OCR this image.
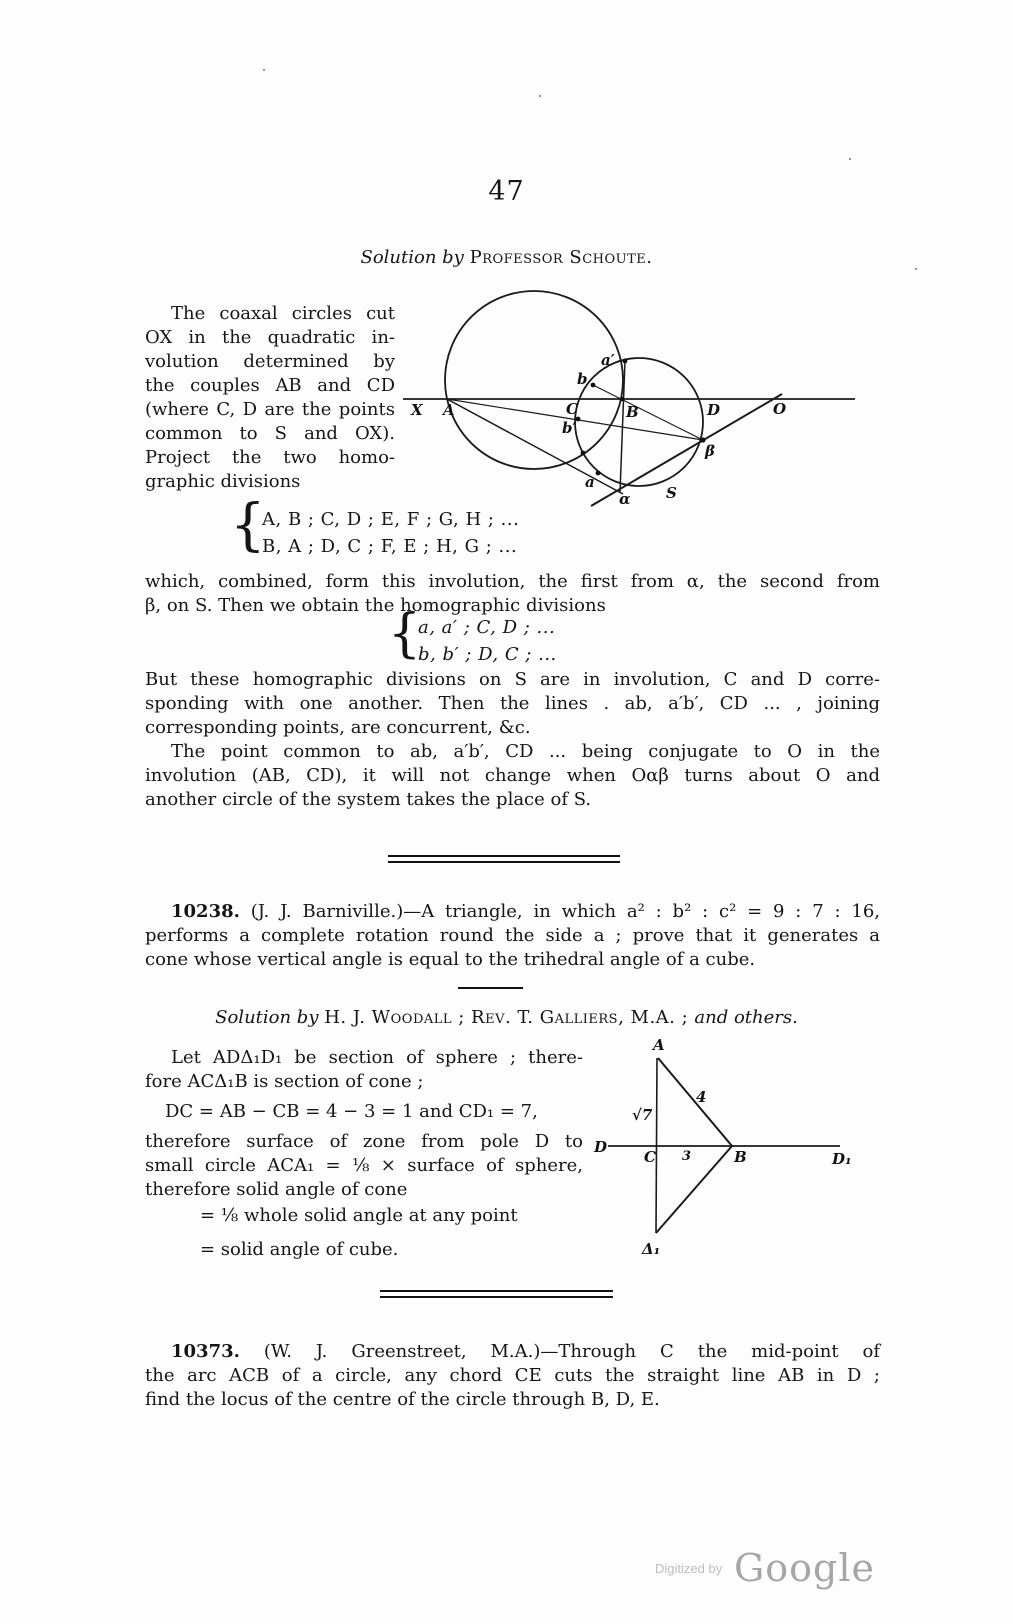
47
Solution by Professor Schoute.
The coaxal circles cut
OX in the quadratic in-
volution determined by
the couples AB and CD
(where C, D are the points
common to S and OX).
Project the two homo-
graphic divisions
X A	C	B	D	O
a′
b
b′
a
α
β
S
{
A, B ; C, D ; E, F ; G, H ; ...
B, A ; D, C ; F, E ; H, G ; ...
which, combined, form this involution, the first from α, the second from
β, on S. Then we obtain the homographic divisions
{
a, a′ ; C, D ; ...
b, b′ ; D, C ; ...
But these homographic divisions on S are in involution, C and D corre-
sponding with one another. Then the lines . ab, a′b′, CD ... , joining
corresponding points, are concurrent, &c.
The point common to ab, a′b′, CD ... being conjugate to O in the
involution (AB, CD), it will not change when Oαβ turns about O and
another circle of the system takes the place of S.
10238. (J. J. Barniville.)—A triangle, in which a² : b² : c² = 9 : 7 : 16,
performs a complete rotation round the side a ; prove that it generates a
cone whose vertical angle is equal to the trihedral angle of a cube.
Solution by H. J. Woodall ; Rev. T. Galliers, M.A. ; and others.
Let ADΔ₁D₁ be section of sphere ; there-
fore ACΔ₁B is section of cone ;
DC = AB − CB = 4 − 3 = 1 and CD₁ = 7,
therefore surface of zone from pole D to
small circle ACA₁ = ⅛ × surface of sphere,
therefore solid angle of cone
= ⅛ whole solid angle at any point
= solid angle of cube.
A
D
C	B	D₁
Δ₁
√7
4
3
10373. (W. J. Greenstreet, M.A.)—Through C the mid-point of
the arc ACB of a circle, any chord CE cuts the straight line AB in D ;
find the locus of the centre of the circle through B, D, E.
$^{Digitized by}$ Google
